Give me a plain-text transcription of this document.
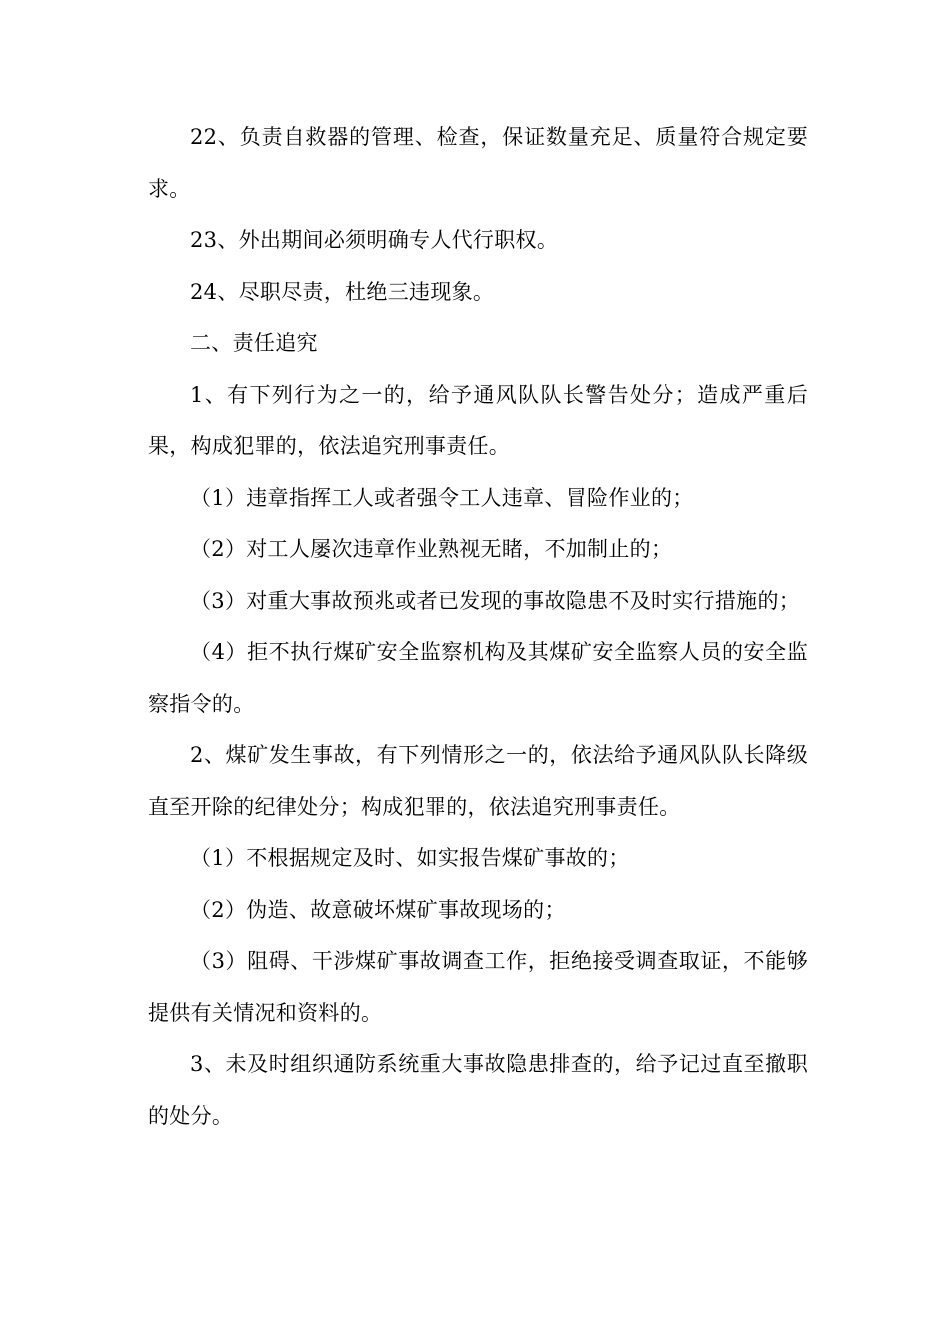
22、负责自救器的管理、检查，保证数量充足、质量符合规定要求。

23、外出期间必须明确专人代行职权。

24、尽职尽责，杜绝三违现象。

二、责任追究

1、有下列行为之一的，给予通风队队长警告处分；造成严重后果，构成犯罪的，依法追究刑事责任。

（1）违章指挥工人或者强令工人违章、冒险作业的；

（2）对工人屡次违章作业熟视无睹，不加制止的；

（3）对重大事故预兆或者已发现的事故隐患不及时实行措施的；

（4）拒不执行煤矿安全监察机构及其煤矿安全监察人员的安全监察指令的。

2、煤矿发生事故，有下列情形之一的，依法给予通风队队长降级直至开除的纪律处分；构成犯罪的，依法追究刑事责任。

（1）不根据规定及时、如实报告煤矿事故的；

（2）伪造、故意破坏煤矿事故现场的；

（3）阻碍、干涉煤矿事故调查工作，拒绝接受调查取证，不能够提供有关情况和资料的。

3、未及时组织通防系统重大事故隐患排查的，给予记过直至撤职的处分。
